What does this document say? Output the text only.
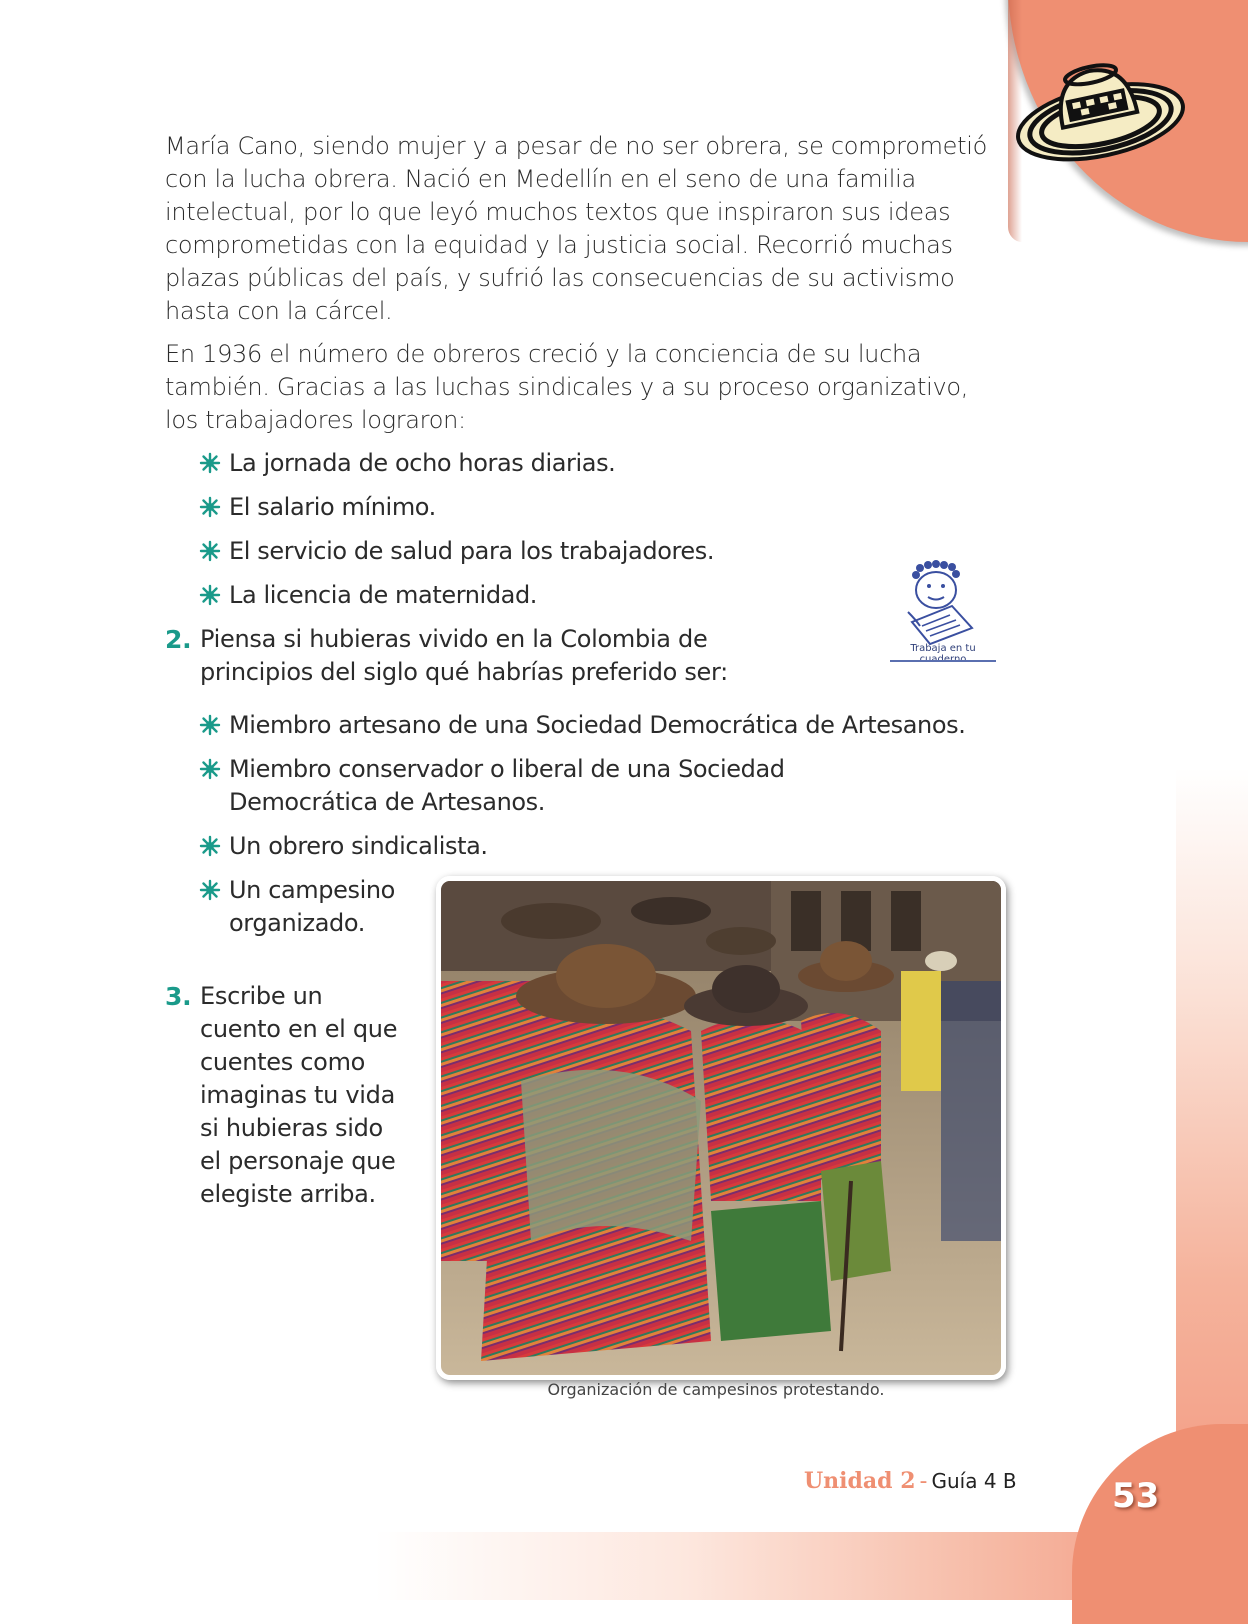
María Cano, siendo mujer y a pesar de no ser obrera, se comprometió con la lucha obrera. Nació en Medellín en el seno de una familia intelectual, por lo que leyó muchos textos que inspiraron sus ideas comprometidas con la equidad y la justicia social. Recorrió muchas plazas públicas del país, y sufrió las consecuencias de su activismo hasta con la cárcel.

En 1936 el número de obreros creció y la conciencia de su lucha también. Gracias a las luchas sindicales y a su proceso organizativo, los trabajadores lograron:

La jornada de ocho horas diarias.
El salario mínimo.
El servicio de salud para los trabajadores.
La licencia de maternidad.
2. Piensa si hubieras vivido en la Colombia de principios del siglo qué habrías preferido ser:
Miembro artesano de una Sociedad Democrática de Artesanos.
Miembro conservador o liberal de una Sociedad Democrática de Artesanos.
Un obrero sindicalista.
Un campesino organizado.
3. Escribe un cuento en el que cuentes como imaginas tu vida si hubieras sido el personaje que elegiste arriba.
Trabaja en tu
Organización de campesinos protestando.
Unidad 2 - Guía 4 B	53
